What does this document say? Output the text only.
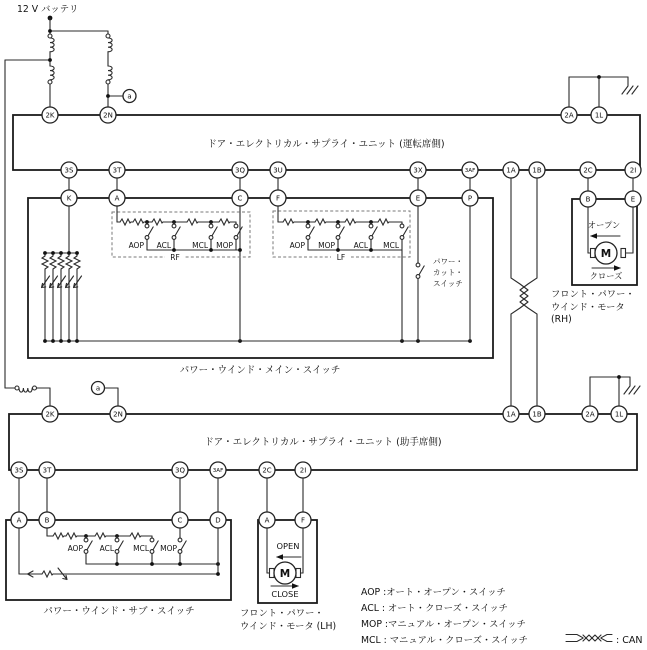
12 V バッテリ
a
ドア・エレクトリカル・サプライ・ユニット (運転席側)
2K	2N	2A	1L
3S	3T	3Q	3U	3X	3AF	1A 1B	2C	2I
AOP ACL	MCL MOP
RF
AOP MOP ACL MCL
LF	パワー・
カット・
スイッチ
K	A	C	F	E	P
パワー・ウインド・メイン・スイッチ
オープン
M
クローズ
B	E
フロント・パワー・
ウインド・モータ
(RH)
a
ドア・エレクトリカル・サプライ・ユニット (助手席側)
2K	2N	1A 1B	2A	1L
3S	3T	3Q	3AF	2C	2I
AOP ACL	MCL MOP
A	B	C	D
パワー・ウインド・サブ・スイッチ
OPEN
M
CLOSE
A	F
フロント・パワー・
ウインド・モータ (LH)
AOP :オート・オープン・スイッチ
ACL : オート・クローズ・スイッチ
MOP :マニュアル・オープン・スイッチ
MCL : マニュアル・クローズ・スイッチ	: CAN
